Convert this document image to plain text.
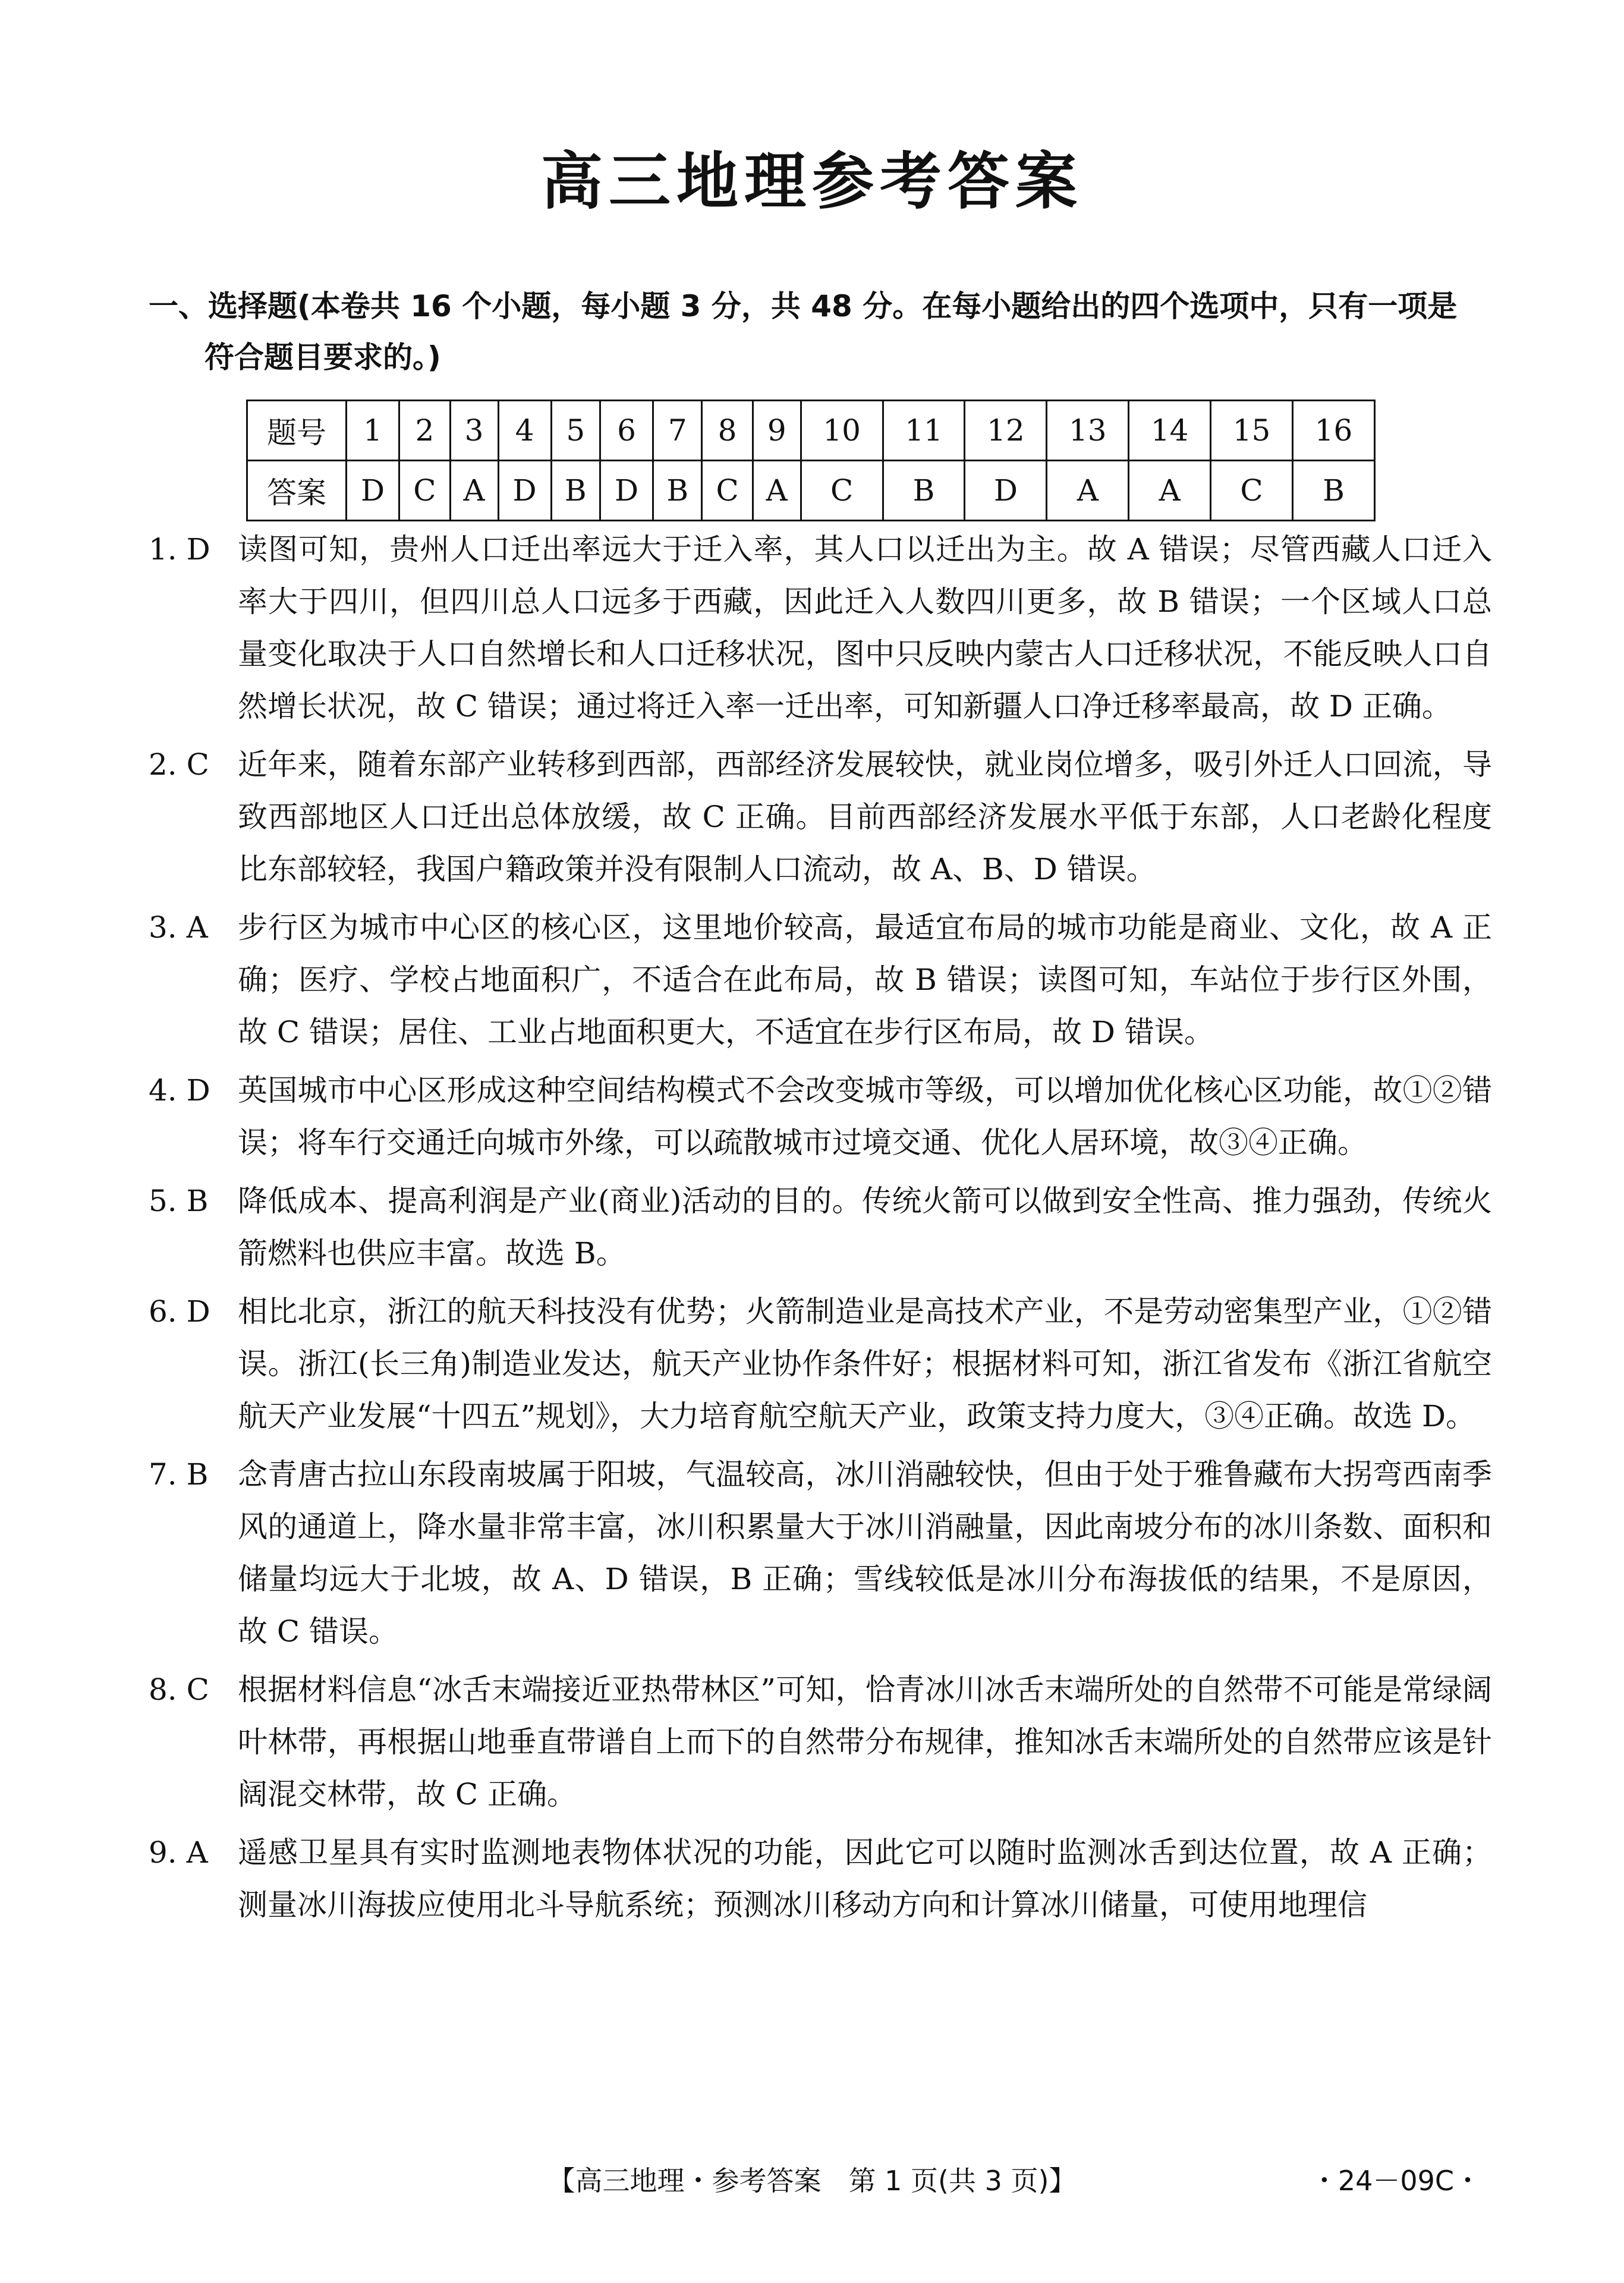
高三地理参考答案
一、选择题(本卷共 16 个小题，每小题 3 分，共 48 分。在每小题给出的四个选项中，只有一项是
符合题目要求的。)
题号	1	2	3	4	5	6	7	8	9	10	11	12	13	14	15	16
答案	D	C	A	D	B	D	B	C	A	C	B	D	A	A	C	B
1. D 读图可知，贵州人口迁出率远大于迁入率，其人口以迁出为主。故 A 错误；尽管西藏人口迁入率大于四川，但四川总人口远多于西藏，因此迁入人数四川更多，故 B 错误；一个区域人口总量变化取决于人口自然增长和人口迁移状况，图中只反映内蒙古人口迁移状况，不能反映人口自然增长状况，故 C 错误；通过将迁入率一迁出率，可知新疆人口净迁移率最高，故 D 正确。
2. C 近年来，随着东部产业转移到西部，西部经济发展较快，就业岗位增多，吸引外迁人口回流，导致西部地区人口迁出总体放缓，故 C 正确。目前西部经济发展水平低于东部，人口老龄化程度比东部较轻，我国户籍政策并没有限制人口流动，故 A、B、D 错误。
3. A	步行区为城市中心区的核心区，这里地价较高，最适宜布局的城市功能是商业、文化，故 A 正确；医疗、学校占地面积广，不适合在此布局，故 B 错误；读图可知，车站位于步行区外围，故 C 错误；居住、工业占地面积更大，不适宜在步行区布局，故 D 错误。
4. D 英国城市中心区形成这种空间结构模式不会改变城市等级，可以增加优化核心区功能，故①②错误；将车行交通迁向城市外缘，可以疏散城市过境交通、优化人居环境，故③④正确。
5. B 降低成本、提高利润是产业(商业)活动的目的。传统火箭可以做到安全性高、推力强劲，传统火箭燃料也供应丰富。故选 B。
6. D 相比北京，浙江的航天科技没有优势；火箭制造业是高技术产业，不是劳动密集型产业，①②错误。浙江(长三角)制造业发达，航天产业协作条件好；根据材料可知，浙江省发布《浙江省航空航天产业发展“十四五”规划》，大力培育航空航天产业，政策支持力度大，③④正确。故选 D。
7. B 念青唐古拉山东段南坡属于阳坡，气温较高，冰川消融较快，但由于处于雅鲁藏布大拐弯西南季风的通道上，降水量非常丰富，冰川积累量大于冰川消融量，因此南坡分布的冰川条数、面积和储量均远大于北坡，故 A、D 错误，B 正确；雪线较低是冰川分布海拔低的结果，不是原因，故 C 错误。
8. C 根据材料信息“冰舌末端接近亚热带林区”可知，恰青冰川冰舌末端所处的自然带不可能是常绿阔叶林带，再根据山地垂直带谱自上而下的自然带分布规律，推知冰舌末端所处的自然带应该是针阔混交林带，故 C 正确。
9. A	遥感卫星具有实时监测地表物体状况的功能，因此它可以随时监测冰舌到达位置，故 A 正确；测量冰川海拔应使用北斗导航系统；预测冰川移动方向和计算冰川储量，可使用地理信
【高三地理・参考答案　第 1 页(共 3 页)】	・24－09C・
